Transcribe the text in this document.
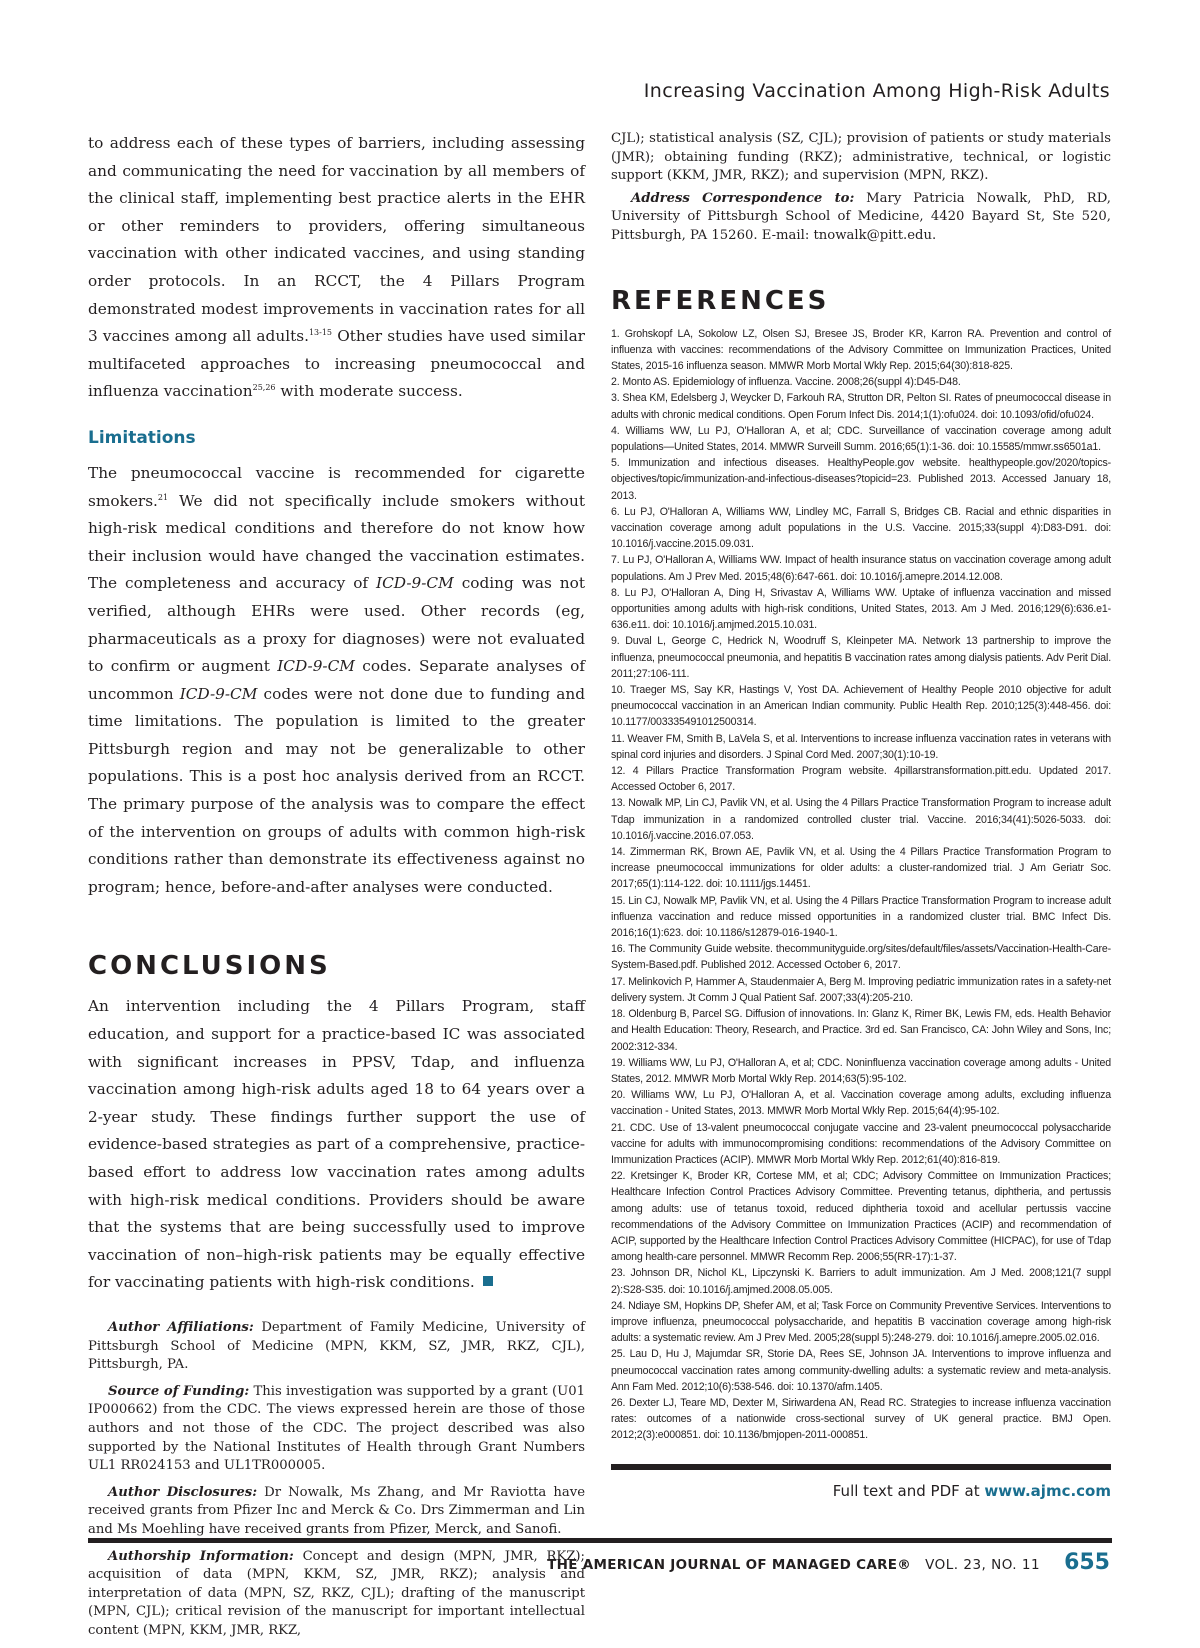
Increasing Vaccination Among High-Risk Adults

to address each of these types of barriers, including assessing and communicating the need for vaccination by all members of the clinical staff, implementing best practice alerts in the EHR or other reminders to providers, offering simultaneous vaccination with other indicated vaccines, and using standing order protocols. In an RCCT, the 4 Pillars Program demonstrated modest improvements in vaccination rates for all 3 vaccines among all adults.$^{13-15}$ Other studies have used similar multifaceted approaches to increasing pneumococcal and influenza vaccination$^{25,26}$ with moderate success.

Limitations

The pneumococcal vaccine is recommended for cigarette smokers.$^{21}$ We did not specifically include smokers without high-risk medical conditions and therefore do not know how their inclusion would have changed the vaccination estimates. The completeness and accuracy of ICD-9-CM coding was not verified, although EHRs were used. Other records (eg, pharmaceuticals as a proxy for diagnoses) were not evaluated to confirm or augment ICD-9-CM codes. Separate analyses of uncommon ICD-9-CM codes were not done due to funding and time limitations. The population is limited to the greater Pittsburgh region and may not be generalizable to other populations. This is a post hoc analysis derived from an RCCT. The primary purpose of the analysis was to compare the effect of the intervention on groups of adults with common high-risk conditions rather than demonstrate its effectiveness against no program; hence, before-and-after analyses were conducted.

CONCLUSIONS

An intervention including the 4 Pillars Program, staff education, and support for a practice-based IC was associated with significant increases in PPSV, Tdap, and influenza vaccination among high-risk adults aged 18 to 64 years over a 2-year study. These findings further support the use of evidence-based strategies as part of a comprehensive, practice-based effort to address low vaccination rates among adults with high-risk medical conditions. Providers should be aware that the systems that are being successfully used to improve vaccination of non–high-risk patients may be equally effective for vaccinating patients with high-risk conditions.

Author Affiliations: Department of Family Medicine, University of Pittsburgh School of Medicine (MPN, KKM, SZ, JMR, RKZ, CJL), Pittsburgh, PA.

Source of Funding: This investigation was supported by a grant (U01 IP000662) from the CDC. The views expressed herein are those of those authors and not those of the CDC. The project described was also supported by the National Institutes of Health through Grant Numbers UL1 RR024153 and UL1TR000005.

Author Disclosures: Dr Nowalk, Ms Zhang, and Mr Raviotta have received grants from Pfizer Inc and Merck & Co. Drs Zimmerman and Lin and Ms Moehling have received grants from Pfizer, Merck, and Sanofi.

Authorship Information: Concept and design (MPN, JMR, RKZ); acquisition of data (MPN, KKM, SZ, JMR, RKZ); analysis and interpretation of data (MPN, SZ, RKZ, CJL); drafting of the manuscript (MPN, CJL); critical revision of the manuscript for important intellectual content (MPN, KKM, JMR, RKZ,

CJL); statistical analysis (SZ, CJL); provision of patients or study materials (JMR); obtaining funding (RKZ); administrative, technical, or logistic support (KKM, JMR, RKZ); and supervision (MPN, RKZ).

Address Correspondence to: Mary Patricia Nowalk, PhD, RD, University of Pittsburgh School of Medicine, 4420 Bayard St, Ste 520, Pittsburgh, PA 15260. E-mail: tnowalk@pitt.edu.

REFERENCES
1. Grohskopf LA, Sokolow LZ, Olsen SJ, Bresee JS, Broder KR, Karron RA. Prevention and control of influenza with vaccines: recommendations of the Advisory Committee on Immunization Practices, United States, 2015-16 influenza season. MMWR Morb Mortal Wkly Rep. 2015;64(30):818-825.
2. Monto AS. Epidemiology of influenza. Vaccine. 2008;26(suppl 4):D45-D48.
3. Shea KM, Edelsberg J, Weycker D, Farkouh RA, Strutton DR, Pelton SI. Rates of pneumococcal disease in adults with chronic medical conditions. Open Forum Infect Dis. 2014;1(1):ofu024. doi: 10.1093/ofid/ofu024.
4. Williams WW, Lu PJ, O'Halloran A, et al; CDC. Surveillance of vaccination coverage among adult populations—United States, 2014. MMWR Surveill Summ. 2016;65(1):1-36. doi: 10.15585/mmwr.ss6501a1.
5. Immunization and infectious diseases. HealthyPeople.gov website. healthypeople.gov/2020/topics-objectives/topic/immunization-and-infectious-diseases?topicid=23. Published 2013. Accessed January 18, 2013.
6. Lu PJ, O'Halloran A, Williams WW, Lindley MC, Farrall S, Bridges CB. Racial and ethnic disparities in vaccination coverage among adult populations in the U.S. Vaccine. 2015;33(suppl 4):D83-D91. doi: 10.1016/j.vaccine.2015.09.031.
7. Lu PJ, O'Halloran A, Williams WW. Impact of health insurance status on vaccination coverage among adult populations. Am J Prev Med. 2015;48(6):647-661. doi: 10.1016/j.amepre.2014.12.008.
8. Lu PJ, O'Halloran A, Ding H, Srivastav A, Williams WW. Uptake of influenza vaccination and missed opportunities among adults with high-risk conditions, United States, 2013. Am J Med. 2016;129(6):636.e1-636.e11. doi: 10.1016/j.amjmed.2015.10.031.
9. Duval L, George C, Hedrick N, Woodruff S, Kleinpeter MA. Network 13 partnership to improve the influenza, pneumococcal pneumonia, and hepatitis B vaccination rates among dialysis patients. Adv Perit Dial. 2011;27:106-111.
10. Traeger MS, Say KR, Hastings V, Yost DA. Achievement of Healthy People 2010 objective for adult pneumococcal vaccination in an American Indian community. Public Health Rep. 2010;125(3):448-456. doi: 10.1177/003335491012500314.
11. Weaver FM, Smith B, LaVela S, et al. Interventions to increase influenza vaccination rates in veterans with spinal cord injuries and disorders. J Spinal Cord Med. 2007;30(1):10-19.
12. 4 Pillars Practice Transformation Program website. 4pillarstransformation.pitt.edu. Updated 2017. Accessed October 6, 2017.
13. Nowalk MP, Lin CJ, Pavlik VN, et al. Using the 4 Pillars Practice Transformation Program to increase adult Tdap immunization in a randomized controlled cluster trial. Vaccine. 2016;34(41):5026-5033. doi: 10.1016/j.vaccine.2016.07.053.
14. Zimmerman RK, Brown AE, Pavlik VN, et al. Using the 4 Pillars Practice Transformation Program to increase pneumococcal immunizations for older adults: a cluster-randomized trial. J Am Geriatr Soc. 2017;65(1):114-122. doi: 10.1111/jgs.14451.
15. Lin CJ, Nowalk MP, Pavlik VN, et al. Using the 4 Pillars Practice Transformation Program to increase adult influenza vaccination and reduce missed opportunities in a randomized cluster trial. BMC Infect Dis. 2016;16(1):623. doi: 10.1186/s12879-016-1940-1.
16. The Community Guide website. thecommunityguide.org/sites/default/files/assets/Vaccination-Health-Care-System-Based.pdf. Published 2012. Accessed October 6, 2017.
17. Melinkovich P, Hammer A, Staudenmaier A, Berg M. Improving pediatric immunization rates in a safety-net delivery system. Jt Comm J Qual Patient Saf. 2007;33(4):205-210.
18. Oldenburg B, Parcel SG. Diffusion of innovations. In: Glanz K, Rimer BK, Lewis FM, eds. Health Behavior and Health Education: Theory, Research, and Practice. 3rd ed. San Francisco, CA: John Wiley and Sons, Inc; 2002:312-334.
19. Williams WW, Lu PJ, O'Halloran A, et al; CDC. Noninfluenza vaccination coverage among adults - United States, 2012. MMWR Morb Mortal Wkly Rep. 2014;63(5):95-102.
20. Williams WW, Lu PJ, O'Halloran A, et al. Vaccination coverage among adults, excluding influenza vaccination - United States, 2013. MMWR Morb Mortal Wkly Rep. 2015;64(4):95-102.
21. CDC. Use of 13-valent pneumococcal conjugate vaccine and 23-valent pneumococcal polysaccharide vaccine for adults with immunocompromising conditions: recommendations of the Advisory Committee on Immunization Practices (ACIP). MMWR Morb Mortal Wkly Rep. 2012;61(40):816-819.
22. Kretsinger K, Broder KR, Cortese MM, et al; CDC; Advisory Committee on Immunization Practices; Healthcare Infection Control Practices Advisory Committee. Preventing tetanus, diphtheria, and pertussis among adults: use of tetanus toxoid, reduced diphtheria toxoid and acellular pertussis vaccine recommendations of the Advisory Committee on Immunization Practices (ACIP) and recommendation of ACIP, supported by the Healthcare Infection Control Practices Advisory Committee (HICPAC), for use of Tdap among health-care personnel. MMWR Recomm Rep. 2006;55(RR-17):1-37.
23. Johnson DR, Nichol KL, Lipczynski K. Barriers to adult immunization. Am J Med. 2008;121(7 suppl 2):S28-S35. doi: 10.1016/j.amjmed.2008.05.005.
24. Ndiaye SM, Hopkins DP, Shefer AM, et al; Task Force on Community Preventive Services. Interventions to improve influenza, pneumococcal polysaccharide, and hepatitis B vaccination coverage among high-risk adults: a systematic review. Am J Prev Med. 2005;28(suppl 5):248-279. doi: 10.1016/j.amepre.2005.02.016.
25. Lau D, Hu J, Majumdar SR, Storie DA, Rees SE, Johnson JA. Interventions to improve influenza and pneumococcal vaccination rates among community-dwelling adults: a systematic review and meta-analysis. Ann Fam Med. 2012;10(6):538-546. doi: 10.1370/afm.1405.
26. Dexter LJ, Teare MD, Dexter M, Siriwardena AN, Read RC. Strategies to increase influenza vaccination rates: outcomes of a nationwide cross-sectional survey of UK general practice. BMJ Open. 2012;2(3):e000851. doi: 10.1136/bmjopen-2011-000851.
Full text and PDF at www.ajmc.com
THE AMERICAN JOURNAL OF MANAGED CARE® VOL. 23, NO. 11 655
